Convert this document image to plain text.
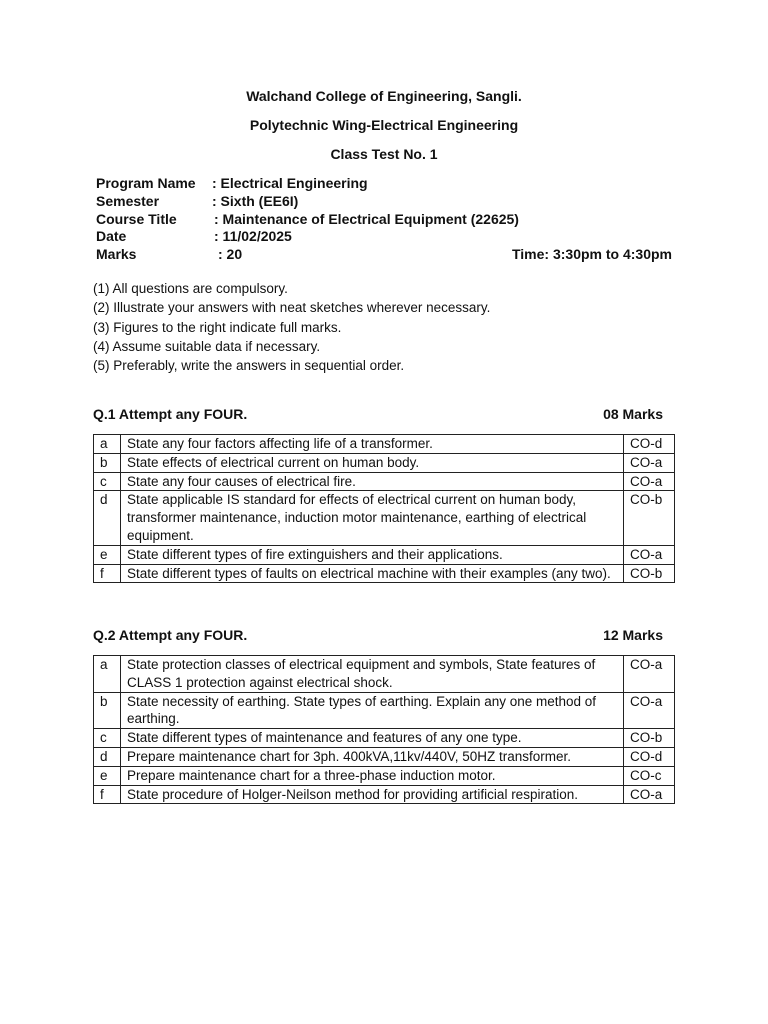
Walchand College of Engineering, Sangli.
Polytechnic Wing-Electrical Engineering
Class Test No. 1
Program Name : Electrical Engineering
Semester	: Sixth (EE6I)
Course Title	: Maintenance of Electrical Equipment (22625)
Date	: 11/02/2025
Marks	: 20	Time: 3:30pm to 4:30pm
(1) All questions are compulsory.
(2) Illustrate your answers with neat sketches wherever necessary.
(3) Figures to the right indicate full marks.
(4) Assume suitable data if necessary.
(5) Preferably, write the answers in sequential order.
Q.1 Attempt any FOUR.	08 Marks
a	State any four factors affecting life of a transformer.	CO-d
b	State effects of electrical current on human body.	CO-a
c	State any four causes of electrical fire.	CO-a
d	State applicable IS standard for effects of electrical current on human body, transformer maintenance, induction motor maintenance, earthing of electrical equipment.	CO-b
e	State different types of fire extinguishers and their applications.	CO-a
f	State different types of faults on electrical machine with their examples (any two).	CO-b
Q.2 Attempt any FOUR.	12 Marks
a	State protection classes of electrical equipment and symbols, State features of CLASS 1 protection against electrical shock.	CO-a
b	State necessity of earthing. State types of earthing. Explain any one method of earthing.	CO-a
c	State different types of maintenance and features of any one type.	CO-b
d	Prepare maintenance chart for 3ph. 400kVA,11kv/440V, 50HZ transformer.	CO-d
e	Prepare maintenance chart for a three-phase induction motor.	CO-c
f	State procedure of Holger-Neilson method for providing artificial respiration.	CO-a
